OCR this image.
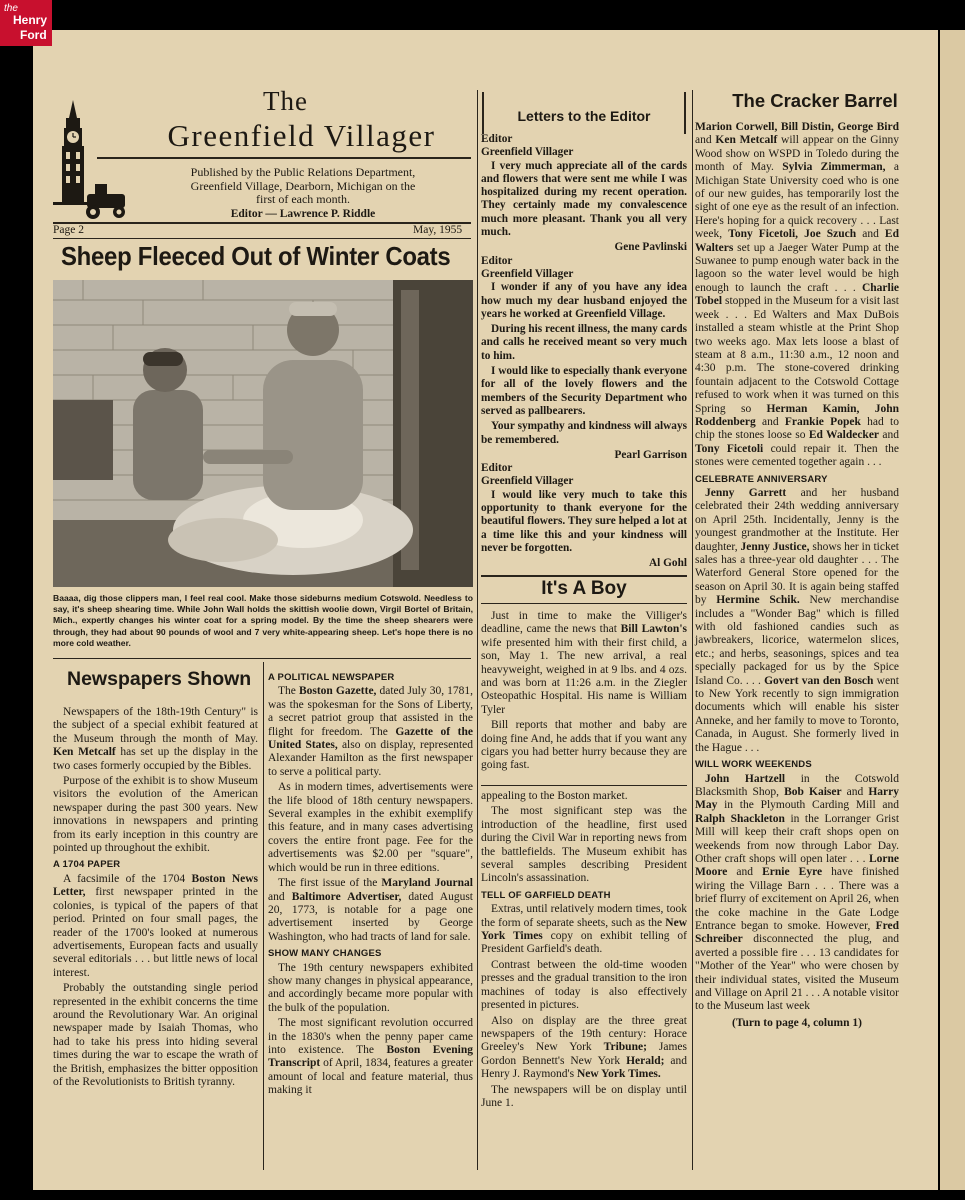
The
Greenfield Villager
Published by the Public Relations Department,
Greenfield Village, Dearborn, Michigan on the
first of each month.
Editor — Lawrence P. Riddle
Page 2	May, 1955
Sheep Fleeced Out of Winter Coats
Baaaa, dig those clippers man, I feel real cool. Make those sideburns medium Cotswold. Needless to say, it's sheep shearing time. While John Wall holds the skittish woolie down, Virgil Bortel of Britain, Mich., expertly changes his winter coat for a spring model. By the time the sheep shearers were through, they had about 90 pounds of wool and 7 very white-appearing sheep. Let's hope there is no more cold weather.
Newspapers Shown

Newspapers of the 18th-19th Century" is the subject of a special exhibit featured at the Museum through the month of May. Ken Metcalf has set up the display in the two cases formerly occupied by the Bibles.

Purpose of the exhibit is to show Museum visitors the evolution of the American newspaper during the past 300 years. New innovations in newspapers and printing from its early inception in this country are pointed up throughout the exhibit.

A 1704 PAPER

A facsimile of the 1704 Boston News Letter, first newspaper printed in the colonies, is typical of the papers of that period. Printed on four small pages, the reader of the 1700's looked at numerous advertisements, European facts and usually several editorials . . . but little news of local interest.

Probably the outstanding single period represented in the exhibit concerns the time around the Revolutionary War. An original newspaper made by Isaiah Thomas, who had to take his press into hiding several times during the war to escape the wrath of the British, emphasizes the bitter opposition of the Revolutionists to British tyranny.

A POLITICAL NEWSPAPER

The Boston Gazette, dated July 30, 1781, was the spokesman for the Sons of Liberty, a secret patriot group that assisted in the flight for freedom. The Gazette of the United States, also on display, represented Alexander Hamilton as the first newspaper to serve a political party.

As in modern times, advertisements were the life blood of 18th century newspapers. Several examples in the exhibit exemplify this feature, and in many cases advertising covers the entire front page. Fee for the advertisements was $2.00 per "square", which would be run in three editions.

The first issue of the Maryland Journal and Baltimore Advertiser, dated August 20, 1773, is notable for a page one advertisement inserted by George Washington, who had tracts of land for sale.

SHOW MANY CHANGES

The 19th century newspapers exhibited show many changes in physical appearance, and accordingly became more popular with the bulk of the population.

The most significant revolution occurred in the 1830's when the penny paper came into existence. The Boston Evening Transcript of April, 1834, features a greater amount of local and feature material, thus making it

appealing to the Boston market.

The most significant step was the introduction of the headline, first used during the Civil War in reporting news from the battlefields. The Museum exhibit has several samples describing President Lincoln's assassination.

TELL OF GARFIELD DEATH

Extras, until relatively modern times, took the form of separate sheets, such as the New York Times copy on exhibit telling of President Garfield's death.

Contrast between the old-time wooden presses and the gradual transition to the iron machines of today is also effectively presented in pictures.

Also on display are the three great newspapers of the 19th century: Horace Greeley's New York Tribune; James Gordon Bennett's New York Herald; and Henry J. Raymond's New York Times.

The newspapers will be on display until June 1.

Letters to the Editor
Editor
Greenfield Villager

I very much appreciate all of the cards and flowers that were sent me while I was hospitalized during my recent operation. They certainly made my convalescence much more pleasant. Thank you all very much.

Gene Pavlinski
Editor
Greenfield Villager

I wonder if any of you have any idea how much my dear husband enjoyed the years he worked at Greenfield Village.

During his recent illness, the many cards and calls he received meant so very much to him.

I would like to especially thank everyone for all of the lovely flowers and the members of the Security Department who served as pallbearers.

Your sympathy and kindness will always be remembered.

Pearl Garrison
Editor
Greenfield Villager

I would like very much to take this opportunity to thank everyone for the beautiful flowers. They sure helped a lot at a time like this and your kindness will never be forgotten.

Al Gohl
It's A Boy

Just in time to make the Villiger's deadline, came the news that Bill Lawton's wife presented him with their first child, a son, May 1. The new arrival, a real heavyweight, weighed in at 9 lbs. and 4 ozs. and was born at 11:26 a.m. in the Ziegler Osteopathic Hospital. His name is William Tyler

Bill reports that mother and baby are doing fine And, he adds that if you want any cigars you had better hurry because they are going fast.

The Cracker Barrel

Marion Corwell, Bill Distin, George Bird and Ken Metcalf will appear on the Ginny Wood show on WSPD in Toledo during the month of May. Sylvia Zimmerman, a Michigan State University coed who is one of our new guides, has temporarily lost the sight of one eye as the result of an infection. Here's hoping for a quick recovery . . . Last week, Tony Ficetoli, Joe Szuch and Ed Walters set up a Jaeger Water Pump at the Suwanee to pump enough water back in the lagoon so the water level would be high enough to launch the craft . . . Charlie Tobel stopped in the Museum for a visit last week . . . Ed Walters and Max DuBois installed a steam whistle at the Print Shop two weeks ago. Max lets loose a blast of steam at 8 a.m., 11:30 a.m., 12 noon and 4:30 p.m. The stone-covered drinking fountain adjacent to the Cotswold Cottage refused to work when it was turned on this Spring so Herman Kamin, John Roddenberg and Frankie Popek had to chip the stones loose so Ed Waldecker and Tony Ficetoli could repair it. Then the stones were cemented together again . . .

CELEBRATE ANNIVERSARY

Jenny Garrett and her husband celebrated their 24th wedding anniversary on April 25th. Incidentally, Jenny is the youngest grandmother at the Institute. Her daughter, Jenny Justice, shows her in ticket sales has a three-year old daughter . . . The Waterford General Store opened for the season on April 30. It is again being staffed by Hermine Schik. New merchandise includes a "Wonder Bag" which is filled with old fashioned candies such as jawbreakers, licorice, watermelon slices, etc.; and herbs, seasonings, spices and tea specially packaged for us by the Spice Island Co. . . . Govert van den Bosch went to New York recently to sign immigration documents which will enable his sister Anneke, and her family to move to Toronto, Canada, in August. She formerly lived in the Hague . . .

WILL WORK WEEKENDS

John Hartzell in the Cotswold Blacksmith Shop, Bob Kaiser and Harry May in the Plymouth Carding Mill and Ralph Shackleton in the Lorranger Grist Mill will keep their craft shops open on weekends from now through Labor Day. Other craft shops will open later . . . Lorne Moore and Ernie Eyre have finished wiring the Village Barn . . . There was a brief flurry of excitement on April 26, when the coke machine in the Gate Lodge Entrance began to smoke. However, Fred Schreiber disconnected the plug, and averted a possible fire . . . 13 candidates for "Mother of the Year" who were chosen by their individual states, visited the Museum and Village on April 21 . . . A notable visitor to the Museum last week

(Turn to page 4, column 1)
the
Henry
Ford
